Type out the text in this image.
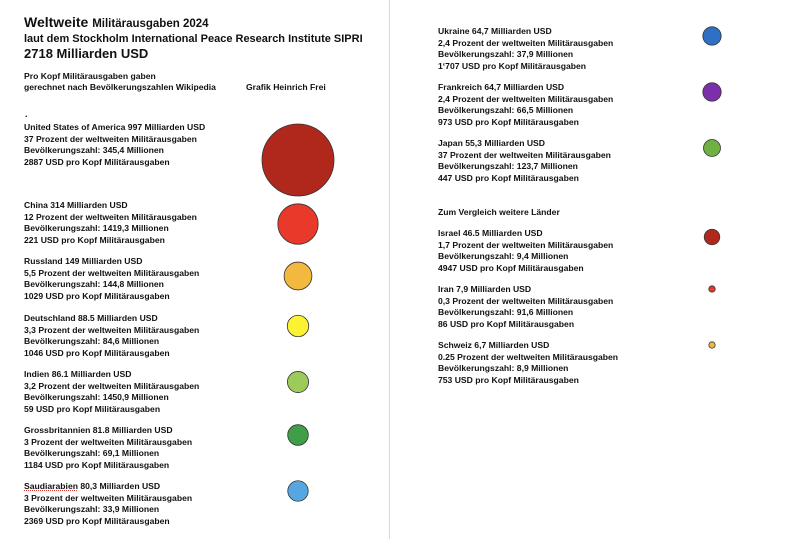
Weltweite Militärausgaben 2024
laut dem Stockholm International Peace Research Institute SIPRI
2718 Milliarden USD
Pro Kopf Militärausgaben gaben
gerechnet nach Bevölkerungszahlen Wikipedia	Grafik Heinrich Frei
.
Zum Vergleich weitere Länder
United States of America 997 Milliarden USD
37 Prozent der weltweiten Militärausgaben
Bevölkerungszahl: 345,4 Millionen
2887 USD pro Kopf Militärausgaben
China 314 Milliarden USD
12 Prozent der weltweiten Militärausgaben
Bevölkerungszahl: 1419,3 Millionen
221 USD pro Kopf Militärausgaben
Russland 149 Milliarden USD
5,5 Prozent der weltweiten Militärausgaben
Bevölkerungszahl: 144,8 Millionen
1029 USD pro Kopf Militärausgaben
Deutschland 88.5 Milliarden USD
3,3 Prozent der weltweiten Militärausgaben
Bevölkerungszahl: 84,6 Millionen
1046 USD pro Kopf Militärausgaben
Indien 86.1 Milliarden USD
3,2 Prozent der weltweiten Militärausgaben
Bevölkerungszahl: 1450,9 Millionen
59 USD pro Kopf Militärausgaben
Grossbritannien 81.8 Milliarden USD
3 Prozent der weltweiten Militärausgaben
Bevölkerungszahl: 69,1 Millionen
1184 USD pro Kopf Militärausgaben
Saudiarabien 80,3 Milliarden USD
3 Prozent der weltweiten Militärausgaben
Bevölkerungszahl: 33,9 Millionen
2369 USD pro Kopf Militärausgaben
Ukraine 64,7 Milliarden USD
2,4 Prozent der weltweiten Militärausgaben
Bevölkerungszahl: 37,9 Millionen
1‘707 USD pro Kopf Militärausgaben
Frankreich 64,7 Milliarden USD
2,4 Prozent der weltweiten Militärausgaben
Bevölkerungszahl: 66,5 Millionen
973 USD pro Kopf Militärausgaben
Japan 55,3 Milliarden USD
37 Prozent der weltweiten Militärausgaben
Bevölkerungszahl: 123,7 Millionen
447 USD pro Kopf Militärausgaben
Israel 46.5 Milliarden USD
1,7 Prozent der weltweiten Militärausgaben
Bevölkerungszahl: 9,4 Millionen
4947 USD pro Kopf Militärausgaben
Iran 7,9 Milliarden USD
0,3 Prozent der weltweiten Militärausgaben
Bevölkerungszahl: 91,6 Millionen
86 USD pro Kopf Militärausgaben
Schweiz 6,7 Milliarden USD
0.25 Prozent der weltweiten Militärausgaben
Bevölkerungszahl: 8,9 Millionen
753 USD pro Kopf Militärausgaben
